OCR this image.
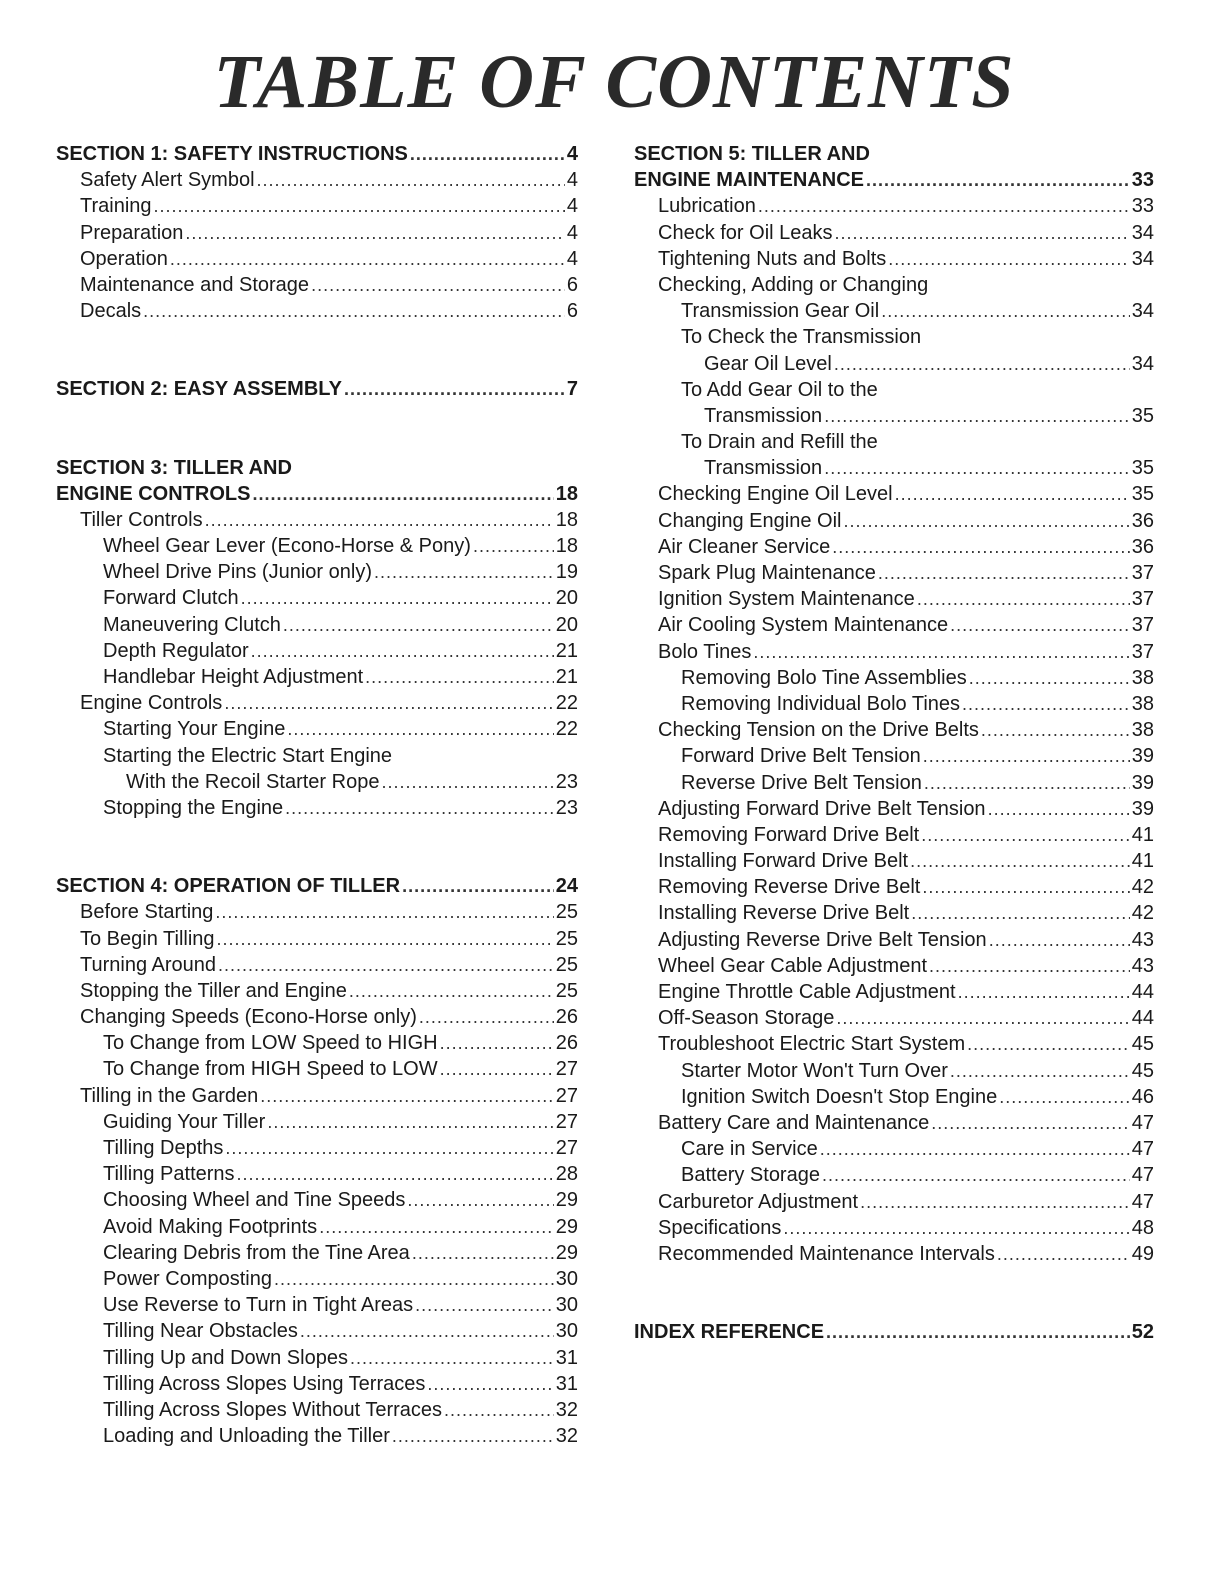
TABLE OF CONTENTS
SECTION 1: SAFETY INSTRUCTIONS .....	4
Safety Alert Symbol .....	4
Training .....	4
Preparation .....	4
Operation .....	4
Maintenance and Storage .....	6
Decals .....	6
SECTION 2: EASY ASSEMBLY .....	7
SECTION 3: TILLER AND
ENGINE CONTROLS .....	18
Tiller Controls .....	18
Wheel Gear Lever (Econo-Horse & Pony) .....	18
Wheel Drive Pins (Junior only) .....	19
Forward Clutch .....	20
Maneuvering Clutch .....	20
Depth Regulator .....	21
Handlebar Height Adjustment .....	21
Engine Controls .....	22
Starting Your Engine .....	22
Starting the Electric Start Engine
With the Recoil Starter Rope .....	23
Stopping the Engine .....	23
SECTION 4: OPERATION OF TILLER .....	24
Before Starting .....	25
To Begin Tilling .....	25
Turning Around .....	25
Stopping the Tiller and Engine .....	25
Changing Speeds (Econo-Horse only) .....	26
To Change from LOW Speed to HIGH .....	26
To Change from HIGH Speed to LOW .....	27
Tilling in the Garden .....	27
Guiding Your Tiller .....	27
Tilling Depths .....	27
Tilling Patterns .....	28
Choosing Wheel and Tine Speeds .....	29
Avoid Making Footprints .....	29
Clearing Debris from the Tine Area .....	29
Power Composting .....	30
Use Reverse to Turn in Tight Areas .....	30
Tilling Near Obstacles .....	30
Tilling Up and Down Slopes .....	31
Tilling Across Slopes Using Terraces .....	31
Tilling Across Slopes Without Terraces .....	32
Loading and Unloading the Tiller .....	32
SECTION 5: TILLER AND
ENGINE MAINTENANCE .....	33
Lubrication .....	33
Check for Oil Leaks .....	34
Tightening Nuts and Bolts .....	34
Checking, Adding or Changing
Transmission Gear Oil .....	34
To Check the Transmission
Gear Oil Level .....	34
To Add Gear Oil to the
Transmission .....	35
To Drain and Refill the
Transmission .....	35
Checking Engine Oil Level .....	35
Changing Engine Oil .....	36
Air Cleaner Service .....	36
Spark Plug Maintenance .....	37
Ignition System Maintenance .....	37
Air Cooling System Maintenance .....	37
Bolo Tines .....	37
Removing Bolo Tine Assemblies .....	38
Removing Individual Bolo Tines .....	38
Checking Tension on the Drive Belts .....	38
Forward Drive Belt Tension .....	39
Reverse Drive Belt Tension .....	39
Adjusting Forward Drive Belt Tension .....	39
Removing Forward Drive Belt .....	41
Installing Forward Drive Belt .....	41
Removing Reverse Drive Belt .....	42
Installing Reverse Drive Belt .....	42
Adjusting Reverse Drive Belt Tension .....	43
Wheel Gear Cable Adjustment .....	43
Engine Throttle Cable Adjustment .....	44
Off-Season Storage .....	44
Troubleshoot Electric Start System .....	45
Starter Motor Won't Turn Over .....	45
Ignition Switch Doesn't Stop Engine .....	46
Battery Care and Maintenance .....	47
Care in Service .....	47
Battery Storage .....	47
Carburetor Adjustment .....	47
Specifications .....	48
Recommended Maintenance Intervals .....	49
INDEX REFERENCE .....	52
